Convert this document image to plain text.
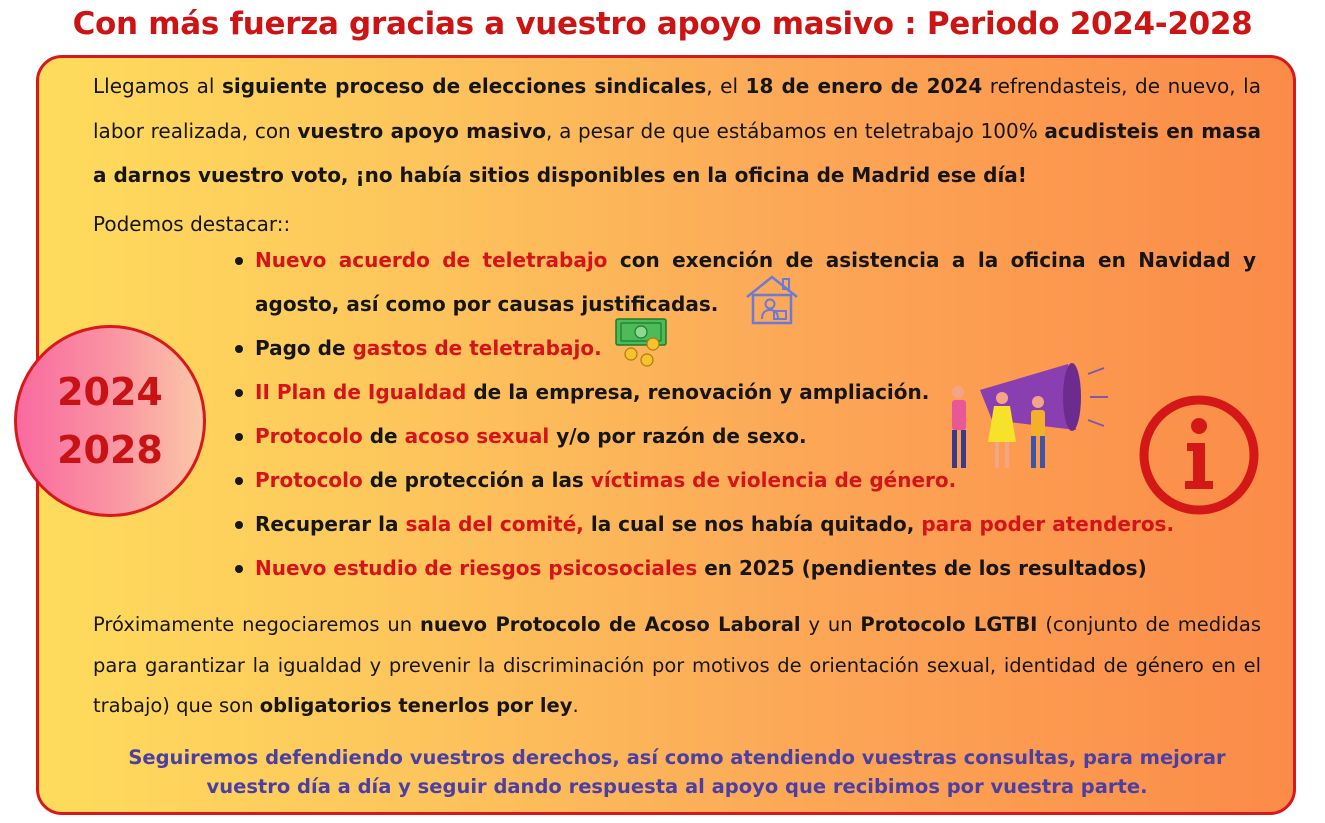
Con más fuerza gracias a vuestro apoyo masivo : Periodo 2024-2028
Llegamos al siguiente proceso de elecciones sindicales, el 18 de enero de 2024 refrendasteis, de nuevo, la labor realizada, con vuestro apoyo masivo, a pesar de que estábamos en teletrabajo 100% acudisteis en masa a darnos vuestro voto, ¡no había sitios disponibles en la oficina de Madrid ese día!
Podemos destacar::
Nuevo acuerdo de teletrabajo con exención de asistencia a la oficina en Navidad y agosto, así como por causas justificadas.
Pago de gastos de teletrabajo.
II Plan de Igualdad de la empresa, renovación y ampliación.
Protocolo de acoso sexual y/o por razón de sexo.
Protocolo de protección a las víctimas de violencia de género.
Recuperar la sala del comité, la cual se nos había quitado, para poder atenderos.
Nuevo estudio de riesgos psicosociales en 2025 (pendientes de los resultados)
2024
2028
Próximamente negociaremos un nuevo Protocolo de Acoso Laboral y un Protocolo LGTBI (conjunto de medidas para garantizar la igualdad y prevenir la discriminación por motivos de orientación sexual, identidad de género en el trabajo) que son obligatorios tenerlos por ley.
Seguiremos defendiendo vuestros derechos, así como atendiendo vuestras consultas, para mejorar vuestro día a día y seguir dando respuesta al apoyo que recibimos por vuestra parte.
